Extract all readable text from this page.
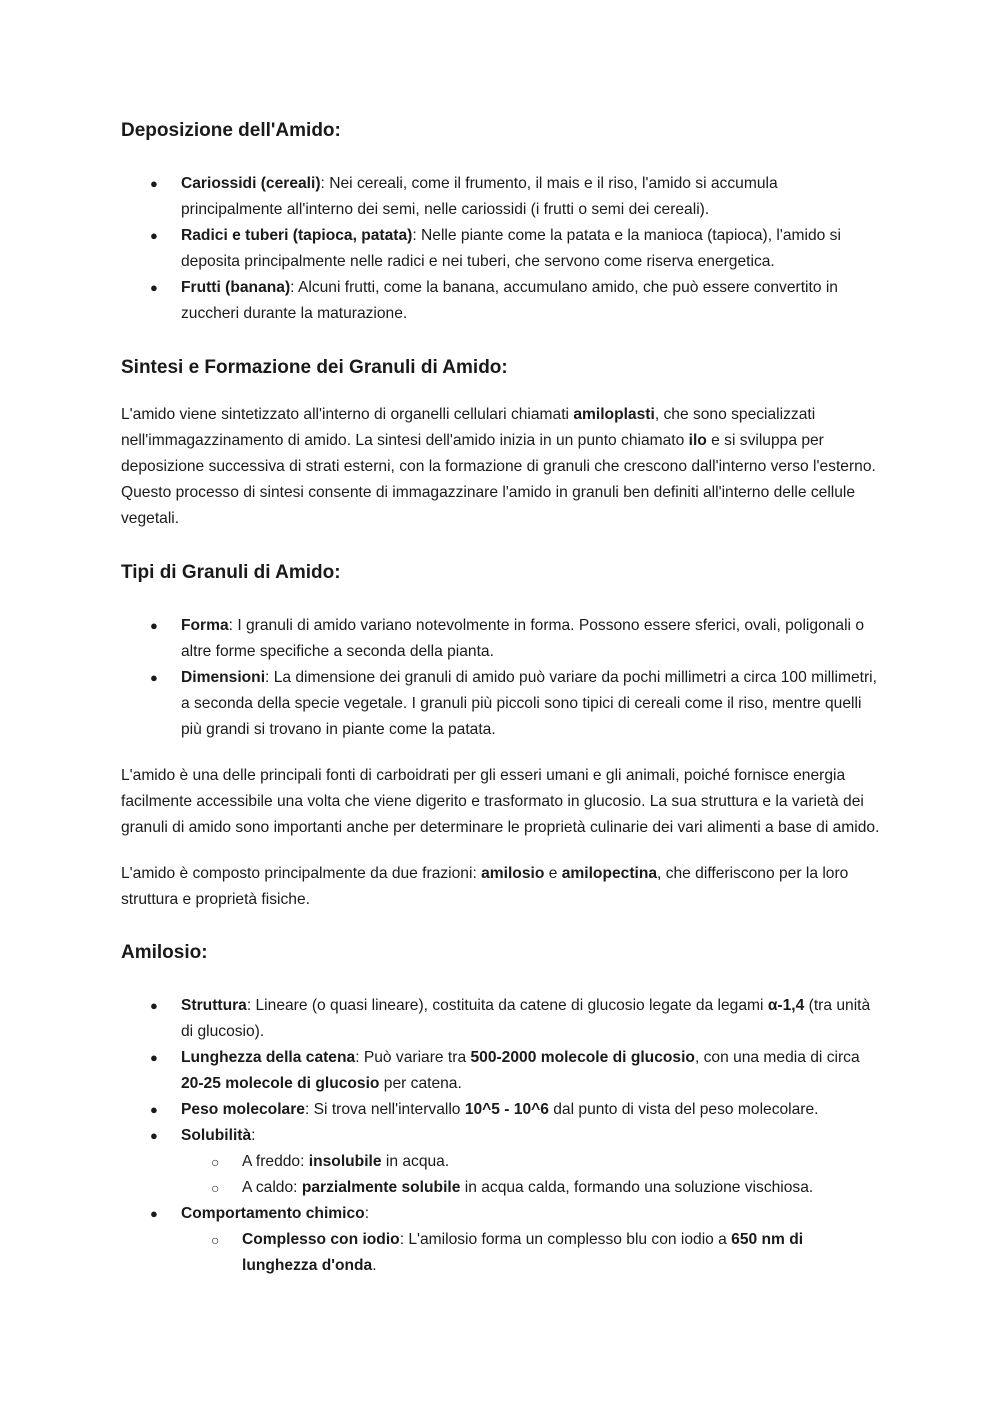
Deposizione dell'Amido:
● Cariossidi (cereali): Nei cereali, come il frumento, il mais e il riso, l'amido si accumula principalmente all'interno dei semi, nelle cariossidi (i frutti o semi dei cereali).
● Radici e tuberi (tapioca, patata): Nelle piante come la patata e la manioca (tapioca), l'amido si deposita principalmente nelle radici e nei tuberi, che servono come riserva energetica.
● Frutti (banana): Alcuni frutti, come la banana, accumulano amido, che può essere convertito in zuccheri durante la maturazione.
Sintesi e Formazione dei Granuli di Amido:

L'amido viene sintetizzato all'interno di organelli cellulari chiamati amiloplasti, che sono specializzati nell'immagazzinamento di amido. La sintesi dell'amido inizia in un punto chiamato ilo e si sviluppa per deposizione successiva di strati esterni, con la formazione di granuli che crescono dall'interno verso l'esterno. Questo processo di sintesi consente di immagazzinare l'amido in granuli ben definiti all'interno delle cellule vegetali.

Tipi di Granuli di Amido:
● Forma: I granuli di amido variano notevolmente in forma. Possono essere sferici, ovali, poligonali o altre forme specifiche a seconda della pianta.
● Dimensioni: La dimensione dei granuli di amido può variare da pochi millimetri a circa 100 millimetri, a seconda della specie vegetale. I granuli più piccoli sono tipici di cereali come il riso, mentre quelli più grandi si trovano in piante come la patata.

L'amido è una delle principali fonti di carboidrati per gli esseri umani e gli animali, poiché fornisce energia facilmente accessibile una volta che viene digerito e trasformato in glucosio. La sua struttura e la varietà dei granuli di amido sono importanti anche per determinare le proprietà culinarie dei vari alimenti a base di amido.

L'amido è composto principalmente da due frazioni: amilosio e amilopectina, che differiscono per la loro struttura e proprietà fisiche.

Amilosio:
● Struttura: Lineare (o quasi lineare), costituita da catene di glucosio legate da legami α-1,4 (tra unità di glucosio).
● Lunghezza della catena: Può variare tra 500-2000 molecole di glucosio, con una media di circa 20-25 molecole di glucosio per catena.
● Peso molecolare: Si trova nell'intervallo 10^5 - 10^6 dal punto di vista del peso molecolare.
● Solubilità:
○ A freddo: insolubile in acqua.
○ A caldo: parzialmente solubile in acqua calda, formando una soluzione vischiosa.
● Comportamento chimico:
○ Complesso con iodio: L'amilosio forma un complesso blu con iodio a 650 nm di lunghezza d'onda.
